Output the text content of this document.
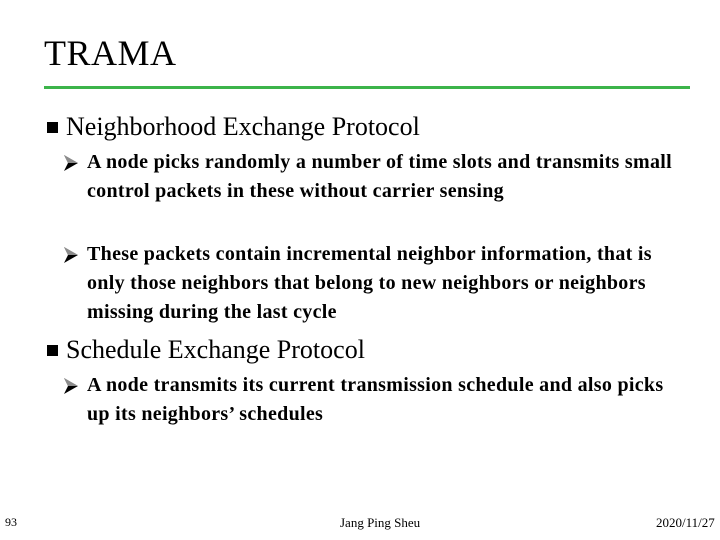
TRAMA
Neighborhood Exchange Protocol
A node picks randomly a number of time slots and transmits small control packets in these without carrier sensing
These packets contain incremental neighbor information, that is only those neighbors that belong to new neighbors or neighbors missing during the last cycle
Schedule Exchange Protocol
A node transmits its current transmission schedule and also picks up its neighbors’ schedules
93	Jang Ping Sheu	2020/11/27
